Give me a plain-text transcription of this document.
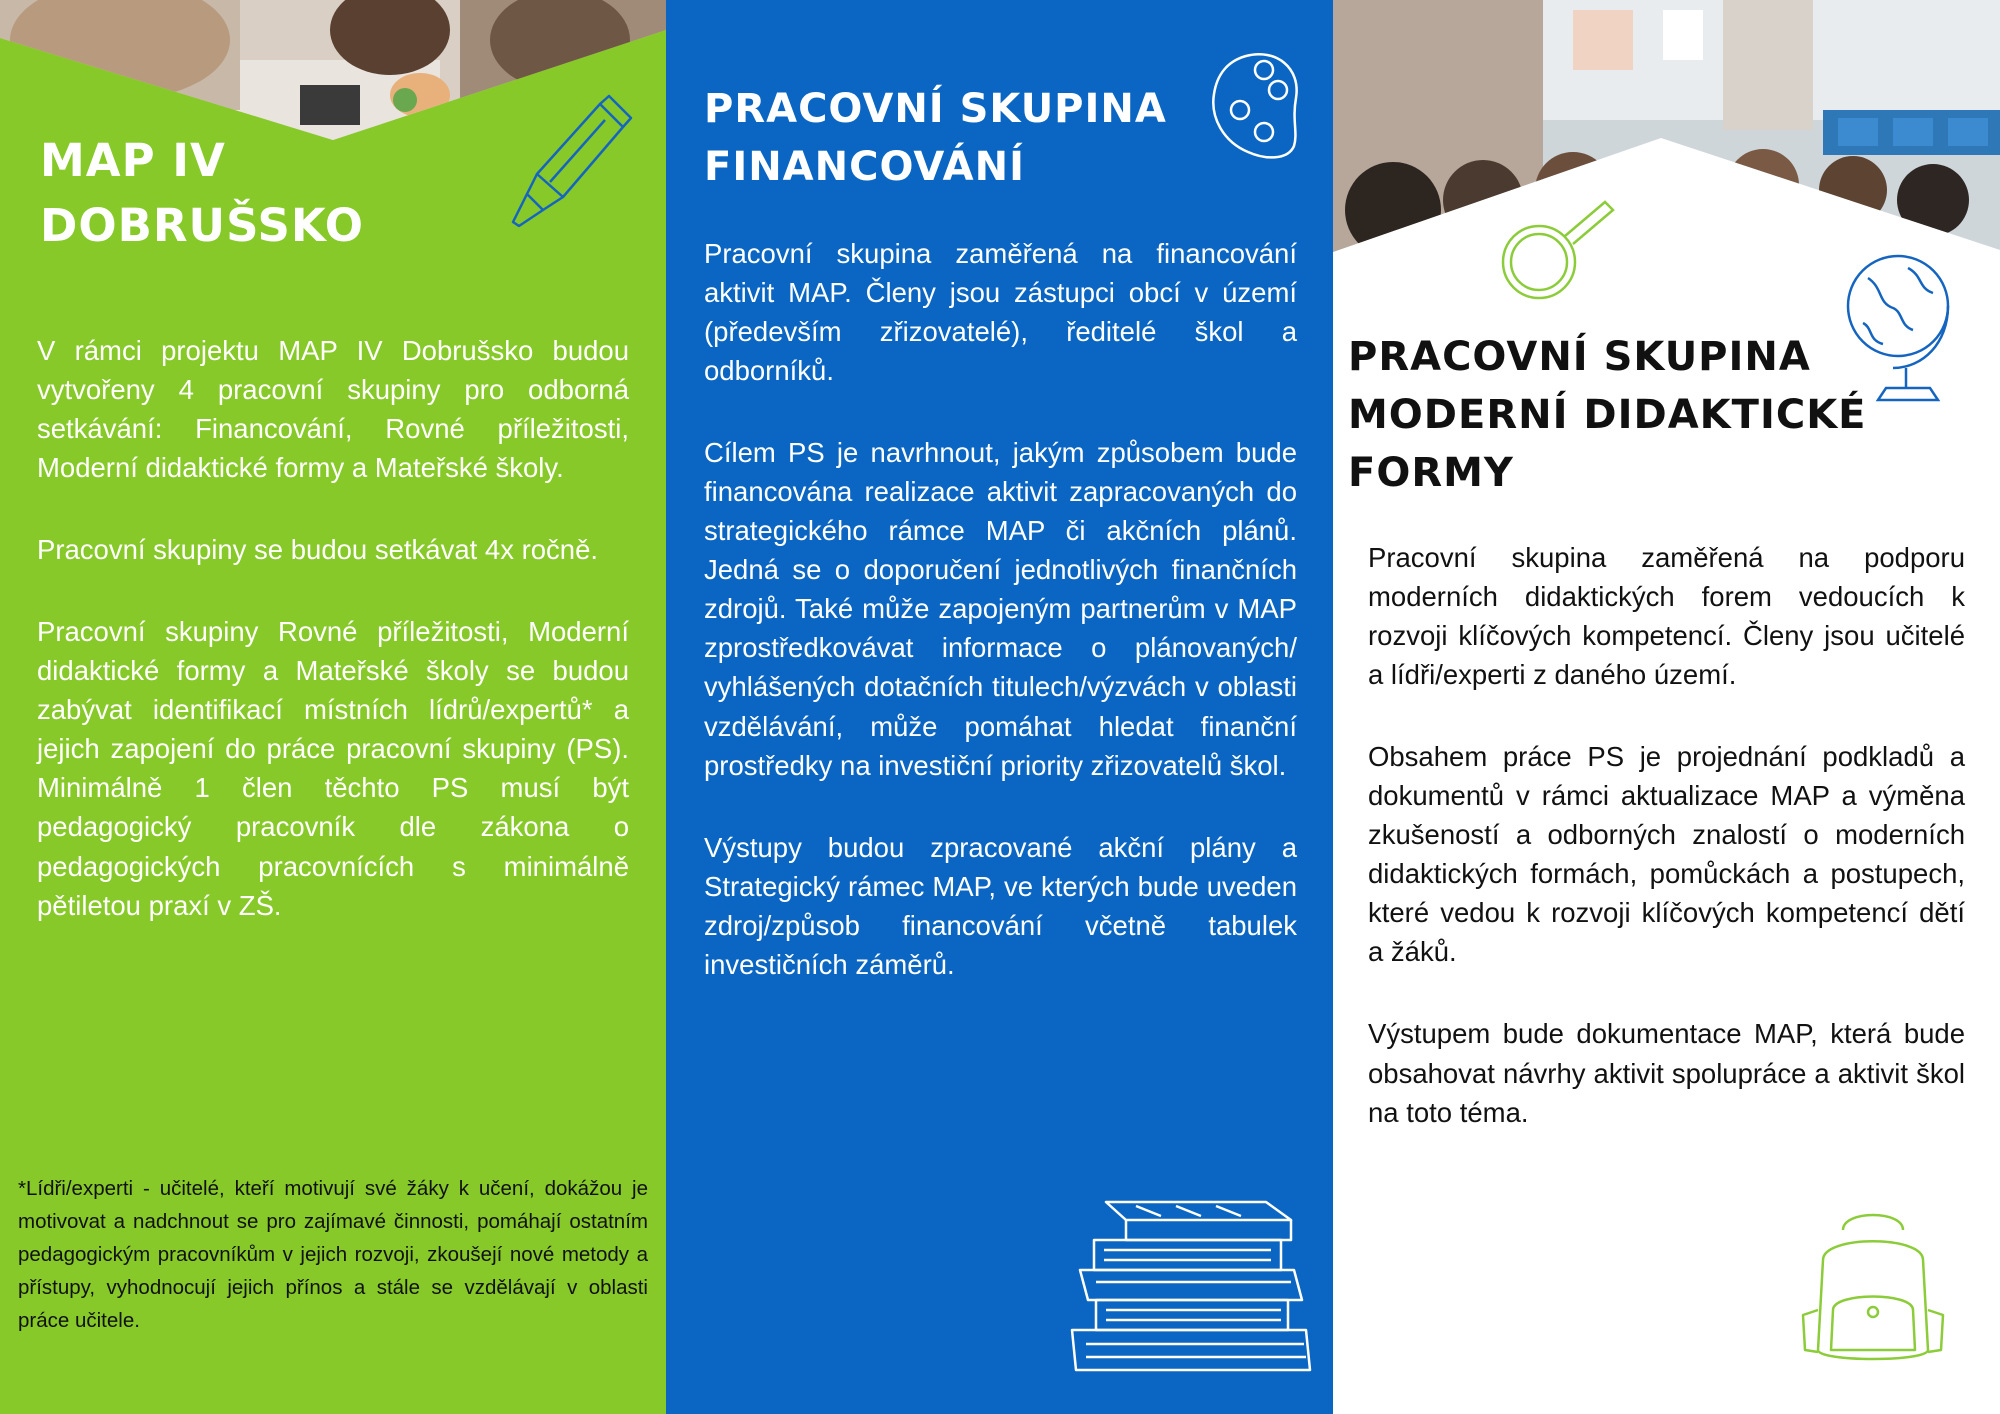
MAP IV
DOBRUŠSKO

V rámci projektu MAP IV Dobrušsko budou vytvořeny 4 pracovní skupiny pro odborná setkávání: Financování, Rovné příležitosti, Moderní didaktické formy a Mateřské školy.

Pracovní skupiny se budou setkávat 4x ročně.

Pracovní skupiny Rovné příležitosti, Moderní didaktické formy a Mateřské školy se budou zabývat identifikací místních lídrů/expertů* a jejich zapojení do práce pracovní skupiny (PS). Minimálně 1 člen těchto PS musí být pedagogický pracovník dle zákona o pedagogických pracovnících s minimálně pětiletou praxí v ZŠ.

*Lídři/experti - učitelé, kteří motivují své žáky k učení, dokážou je motivovat a nadchnout se pro zajímavé činnosti, pomáhají ostatním pedagogickým pracovníkům v jejich rozvoji, zkoušejí nové metody a přístupy, vyhodnocují jejich přínos a stále se vzdělávají v oblasti práce učitele.
PRACOVNÍ SKUPINA
FINANCOVÁNÍ

Pracovní skupina zaměřená na financování aktivit MAP. Členy jsou zástupci obcí v území (především zřizovatelé), ředitelé škol a odborníků.

Cílem PS je navrhnout, jakým způsobem bude financována realizace aktivit zapracovaných do strategického rámce MAP či akčních plánů. Jedná se o doporučení jednotlivých finančních zdrojů. Také může zapojeným partnerům v MAP zprostředkovávat informace o plánovaných/ vyhlášených dotačních titulech/výzvách v oblasti vzdělávání, může pomáhat hledat finanční prostředky na investiční priority zřizovatelů škol.

Výstupy budou zpracované akční plány a Strategický rámec MAP, ve kterých bude uveden zdroj/způsob financování včetně tabulek investičních záměrů.

PRACOVNÍ SKUPINA
MODERNÍ DIDAKTICKÉ
FORMY

Pracovní skupina zaměřená na podporu moderních didaktických forem vedoucích k rozvoji klíčových kompetencí. Členy jsou učitelé a lídři/experti z daného území.

Obsahem práce PS je projednání podkladů a dokumentů v rámci aktualizace MAP a výměna zkušeností a odborných znalostí o moderních didaktických formách, pomůckách a postupech, které vedou k rozvoji klíčových kompetencí dětí a žáků.

Výstupem bude dokumentace MAP, která bude obsahovat návrhy aktivit spolupráce a aktivit škol na toto téma.
